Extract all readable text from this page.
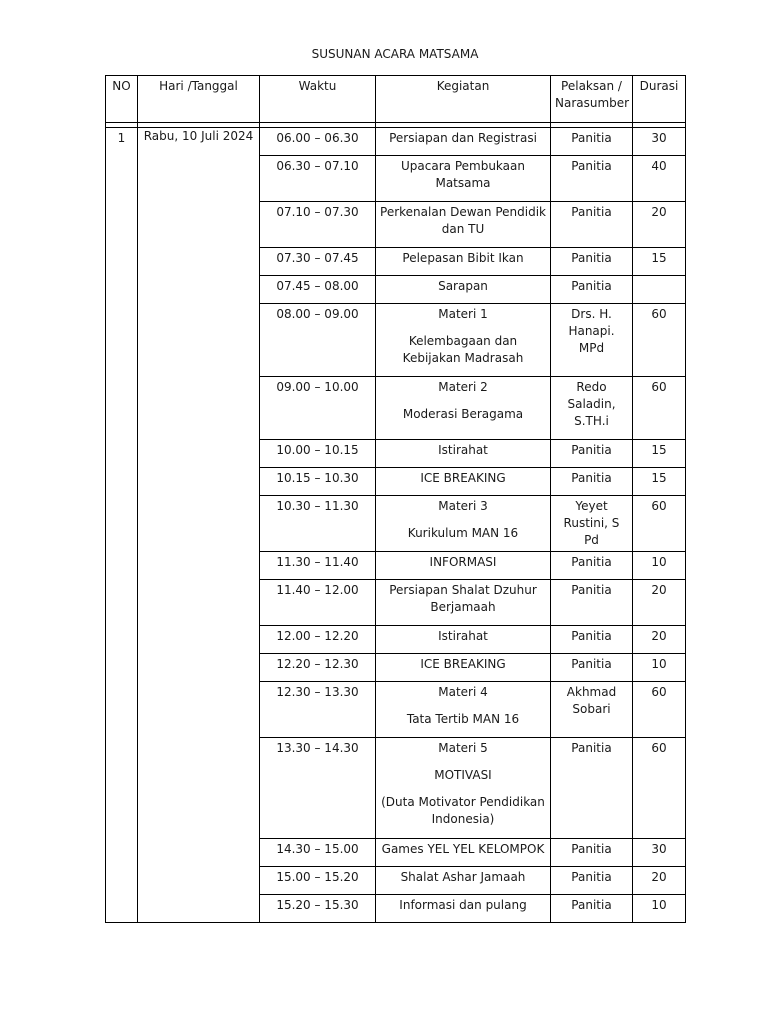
SUSUNAN ACARA MATSAMA
NO	Hari /Tanggal	Waktu	Kegiatan	Pelaksan /
Narasumber	Durasi

1	Rabu, 10 Juli 2024	06.00 – 06.30	Persiapan dan Registrasi	Panitia	30

		06.30 – 07.10	Upacara Pembukaan Matsama	Panitia	40

		07.10 – 07.30	Perkenalan Dewan Pendidik dan TU	Panitia	20

		07.30 – 07.45	Pelepasan Bibit Ikan	Panitia	15

		07.45 – 08.00	Sarapan	Panitia	

		08.00 – 09.00	Materi 1
Kelembagaan dan Kebijakan Madrasah	Drs. H. Hanapi. MPd	60

		09.00 – 10.00	Materi 2
Moderasi Beragama	Redo Saladin, S.TH.i	60

		10.00 – 10.15	Istirahat	Panitia	15

		10.15 – 10.30	ICE BREAKING	Panitia	15

		10.30 – 11.30	Materi 3
Kurikulum MAN 16	Yeyet Rustini, S Pd	60

		11.30 – 11.40	INFORMASI	Panitia	10

		11.40 – 12.00	Persiapan Shalat Dzuhur Berjamaah	Panitia	20

		12.00 – 12.20	Istirahat	Panitia	20

		12.20 – 12.30	ICE BREAKING	Panitia	10

		12.30 – 13.30	Materi 4
Tata Tertib MAN 16	Akhmad Sobari	60

		13.30 – 14.30	Materi 5
MOTIVASI
(Duta Motivator Pendidikan Indonesia)	Panitia	60

		14.30 – 15.00	Games YEL YEL KELOMPOK	Panitia	30

		15.00 – 15.20	Shalat Ashar Jamaah	Panitia	20

		15.20 – 15.30	Informasi dan pulang	Panitia	10
